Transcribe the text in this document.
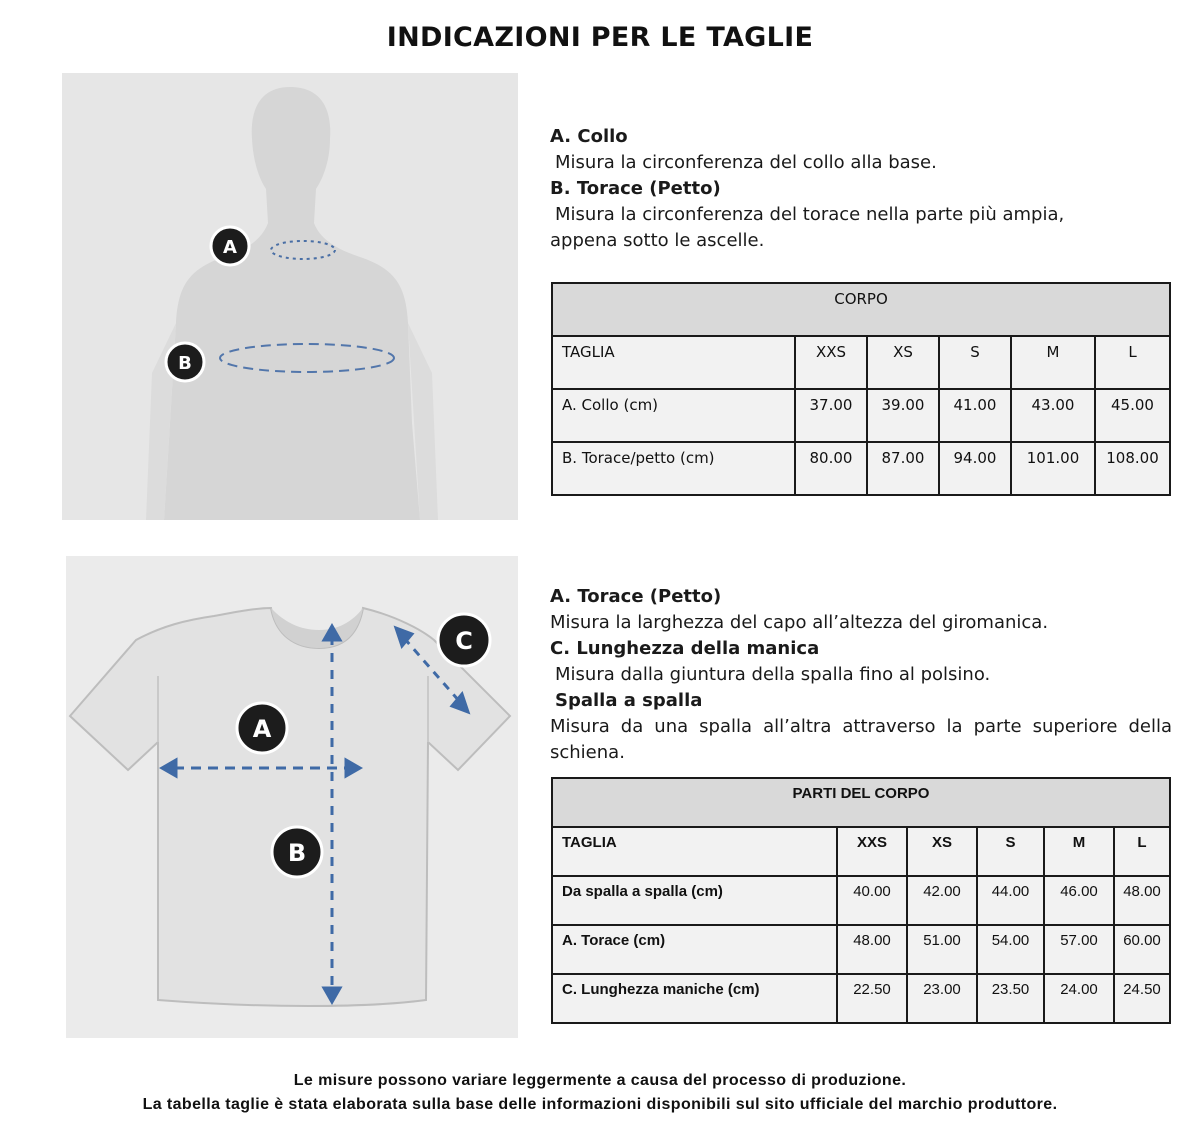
INDICAZIONI PER LE TAGLIE
A
B
A. Collo
Misura la circonferenza del collo alla base.
B. Torace (Petto)
Misura la circonferenza del torace nella parte più ampia,
appena sotto le ascelle.
CORPO					
TAGLIA	XXS	XS	S	M	L
A. Collo (cm)	37.00	39.00	41.00	43.00	45.00
B. Torace/petto (cm)	80.00	87.00	94.00	101.00	108.00
A
B
C
A. Torace (Petto)
Misura la larghezza del capo all’altezza del giromanica.
C. Lunghezza della manica
Misura dalla giuntura della spalla fino al polsino.
Spalla a spalla
Misura da una spalla all’altra attraverso la parte superiore della schiena.
PARTI DEL CORPO					
TAGLIA	XXS	XS	S	M	L
Da spalla a spalla (cm)	40.00	42.00	44.00	46.00	48.00
A. Torace (cm)	48.00	51.00	54.00	57.00	60.00
C. Lunghezza maniche (cm)	22.50	23.00	23.50	24.00	24.50
Le misure possono variare leggermente a causa del processo di produzione.
La tabella taglie è stata elaborata sulla base delle informazioni disponibili sul sito ufficiale del marchio produttore.
